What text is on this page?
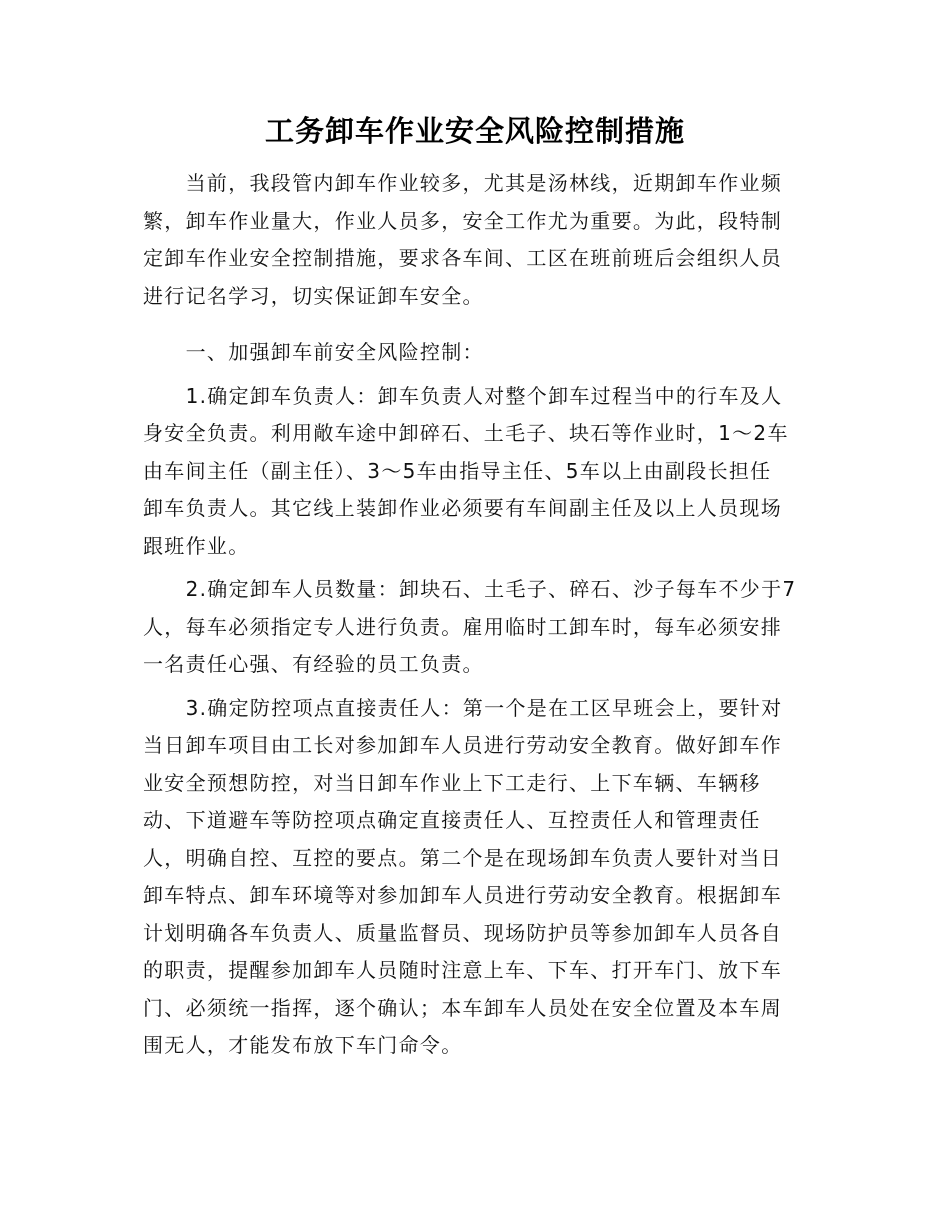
工务卸车作业安全风险控制措施

　　当前，我段管内卸车作业较多，尤其是汤林线，近期卸车作业频
繁，卸车作业量大，作业人员多，安全工作尤为重要。为此，段特制
定卸车作业安全控制措施，要求各车间、工区在班前班后会组织人员
进行记名学习，切实保证卸车安全。

　　一、加强卸车前安全风险控制：

　　1.确定卸车负责人：卸车负责人对整个卸车过程当中的行车及人
身安全负责。利用敞车途中卸碎石、土毛子、块石等作业时，1～2车
由车间主任（副主任）、3～5车由指导主任、5车以上由副段长担任
卸车负责人。其它线上装卸作业必须要有车间副主任及以上人员现场
跟班作业。

　　2.确定卸车人员数量：卸块石、土毛子、碎石、沙子每车不少于7
人，每车必须指定专人进行负责。雇用临时工卸车时，每车必须安排
一名责任心强、有经验的员工负责。

　　3.确定防控项点直接责任人：第一个是在工区早班会上，要针对
当日卸车项目由工长对参加卸车人员进行劳动安全教育。做好卸车作
业安全预想防控，对当日卸车作业上下工走行、上下车辆、车辆移
动、下道避车等防控项点确定直接责任人、互控责任人和管理责任
人，明确自控、互控的要点。第二个是在现场卸车负责人要针对当日
卸车特点、卸车环境等对参加卸车人员进行劳动安全教育。根据卸车
计划明确各车负责人、质量监督员、现场防护员等参加卸车人员各自
的职责，提醒参加卸车人员随时注意上车、下车、打开车门、放下车
门、必须统一指挥，逐个确认；本车卸车人员处在安全位置及本车周
围无人，才能发布放下车门命令。
